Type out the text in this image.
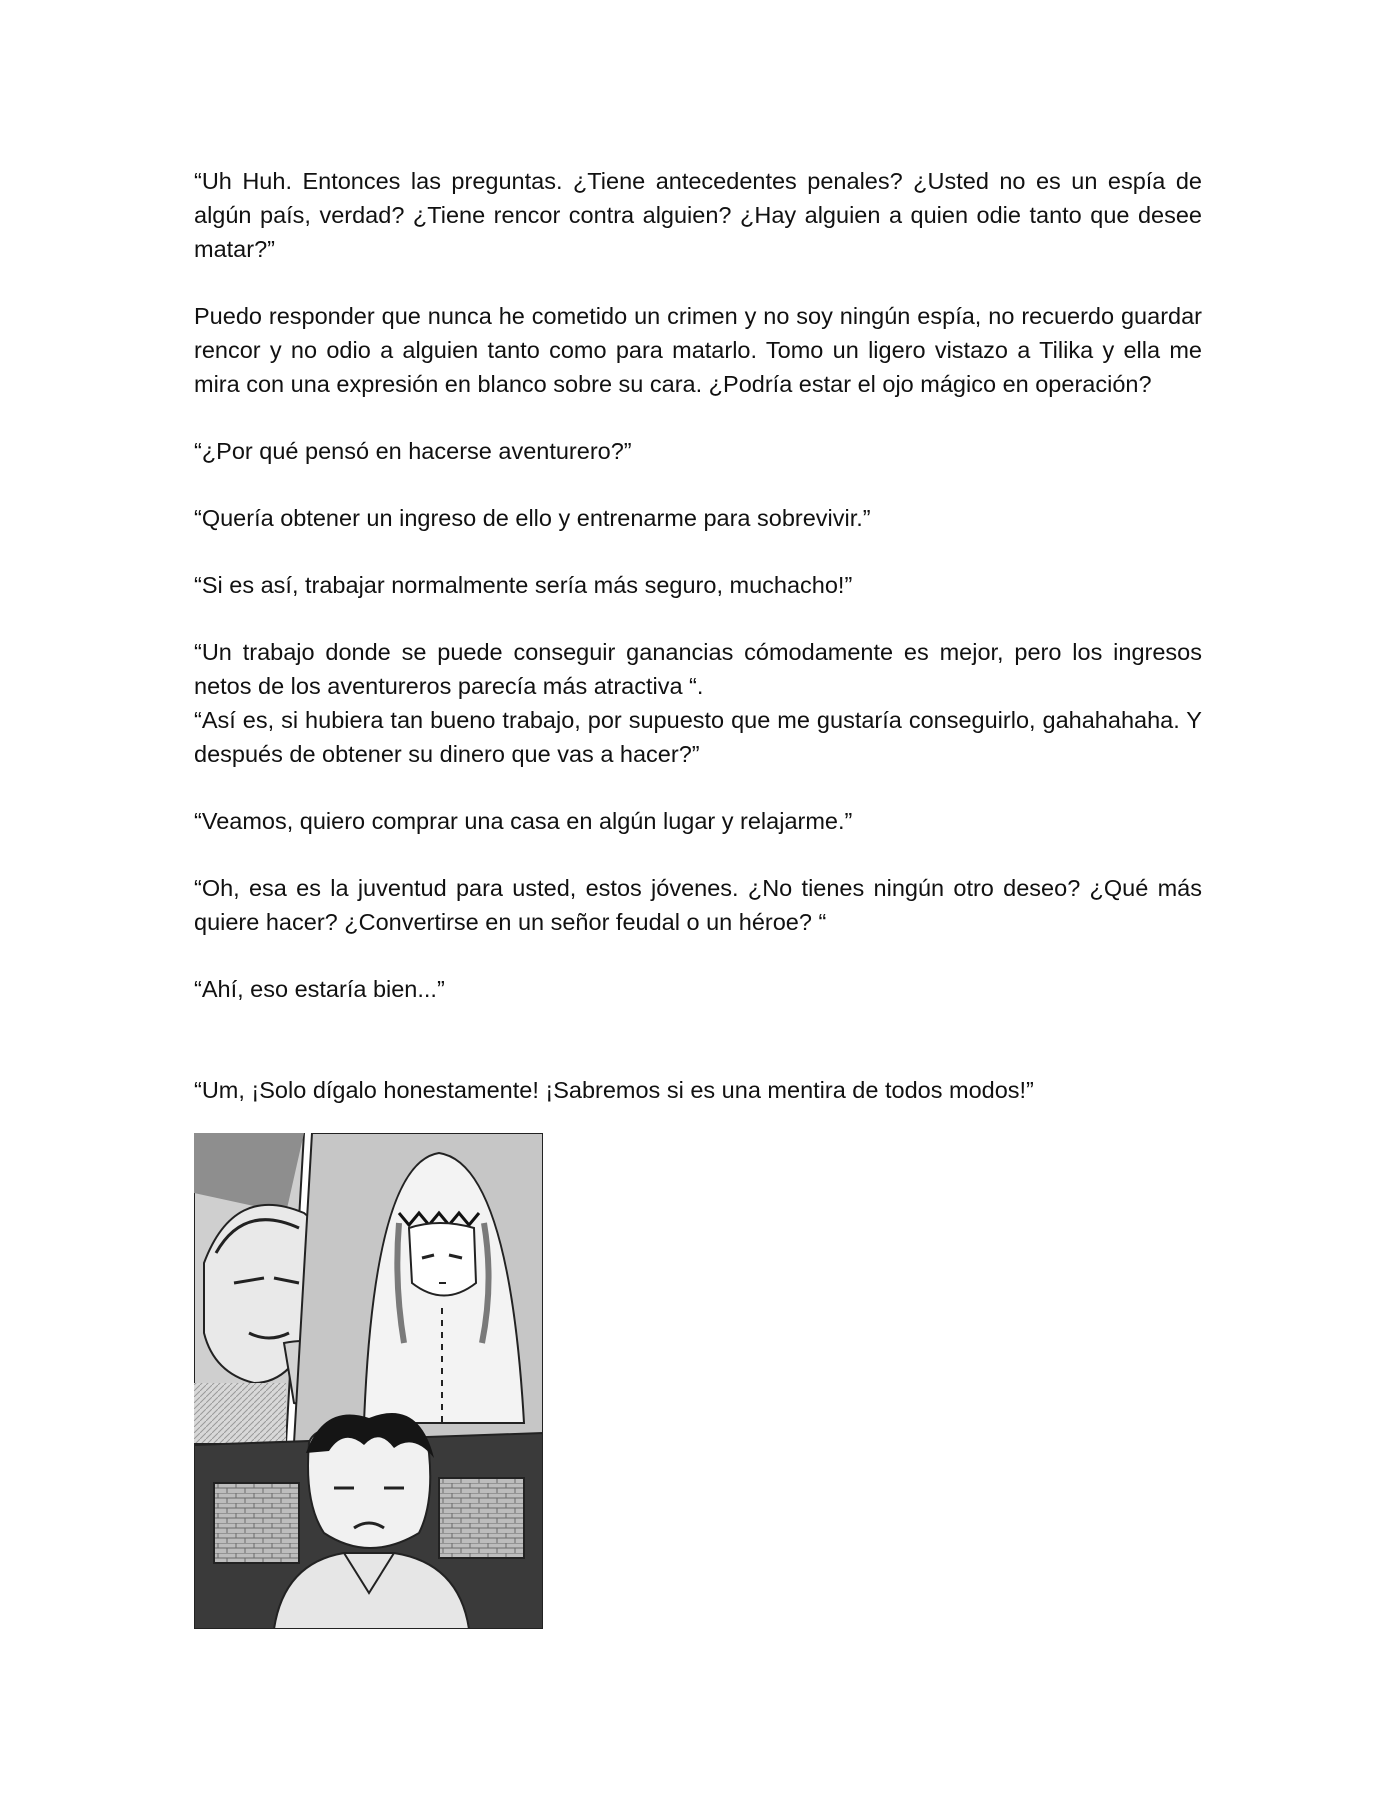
“Uh Huh. Entonces las preguntas. ¿Tiene antecedentes penales? ¿Usted no es un espía de algún país, verdad? ¿Tiene rencor contra alguien? ¿Hay alguien a quien odie tanto que desee matar?”

Puedo responder que nunca he cometido un crimen y no soy ningún espía, no recuerdo guardar rencor y no odio a alguien tanto como para matarlo. Tomo un ligero vistazo a Tilika y ella me mira con una expresión en blanco sobre su cara. ¿Podría estar el ojo mágico en operación?

“¿Por qué pensó en hacerse aventurero?”

“Quería obtener un ingreso de ello y entrenarme para sobrevivir.”

“Si es así, trabajar normalmente sería más seguro, muchacho!”

“Un trabajo donde se puede conseguir ganancias cómodamente es mejor, pero los ingresos netos de los aventureros parecía más atractiva “.

“Así es, si hubiera tan bueno trabajo, por supuesto que me gustaría conseguirlo, gahahahaha. Y después de obtener su dinero que vas a hacer?”

“Veamos, quiero comprar una casa en algún lugar y relajarme.”

“Oh, esa es la juventud para usted, estos jóvenes. ¿No tienes ningún otro deseo? ¿Qué más quiere hacer? ¿Convertirse en un señor feudal o un héroe? “

“Ahí, eso estaría bien...”

“Um, ¡Solo dígalo honestamente! ¡Sabremos si es una mentira de todos modos!”
